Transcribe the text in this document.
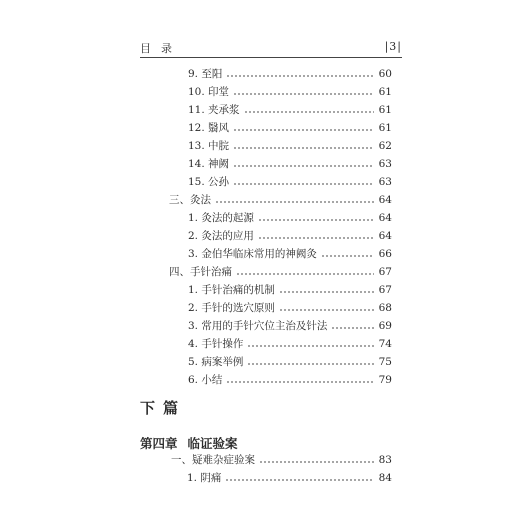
目录	|3|
9. 至阳	60
10. 印堂	61
11. 夹承浆	61
12. 翳风	61
13. 中脘	62
14. 神阙	63
15. 公孙	63
三、灸法	64
1. 灸法的起源	64
2. 灸法的应用	64
3. 金伯华临床常用的神阙灸	66
四、手针治痛	67
1. 手针治痛的机制	67
2. 手针的选穴原则	68
3. 常用的手针穴位主治及针法	69
4. 手针操作	74
5. 病案举例	75
6. 小结	79
下篇
第四章 临证验案
一、疑难杂症验案	83
1. 阴痛	84
